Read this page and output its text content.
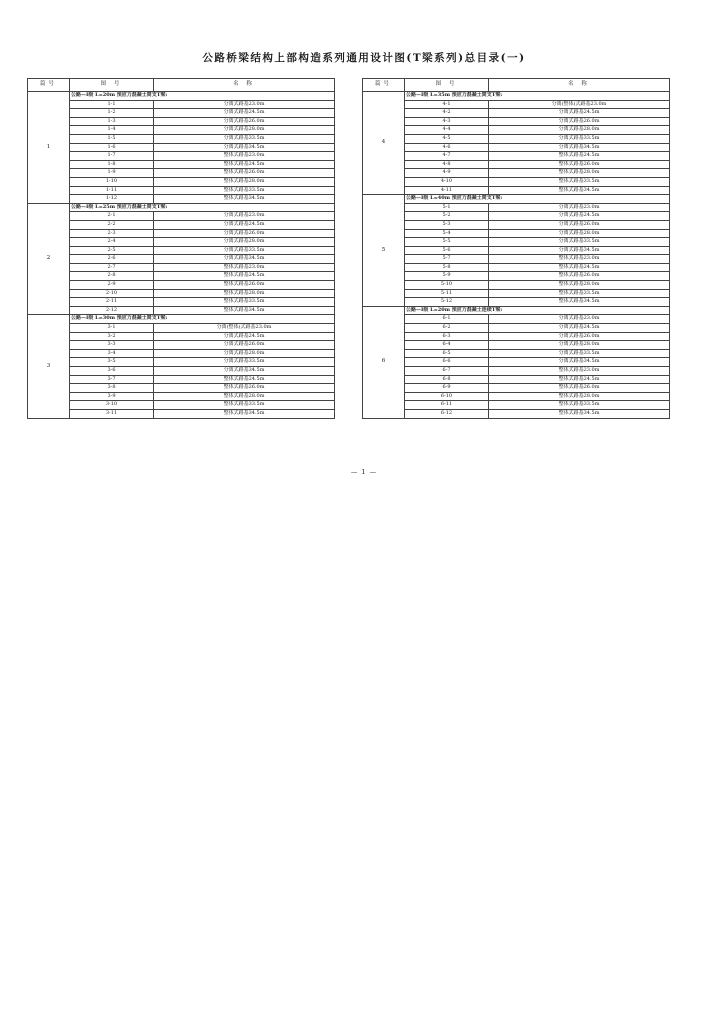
公路桥梁结构上部构造系列通用设计图(T梁系列)总目录(一)
篇号	图 号	名 称
1	公路—Ⅰ级 L=20m 预应力混凝土简支T梁:	
	1-1	分离式路基23.0m
	1-2	分离式路基24.5m
	1-3	分离式路基26.0m
	1-4	分离式路基28.0m
	1-5	分离式路基33.5m
	1-6	分离式路基34.5m
	1-7	整体式路基23.0m
	1-8	整体式路基24.5m
	1-9	整体式路基26.0m
	1-10	整体式路基28.0m
	1-11	整体式路基33.5m
	1-12	整体式路基34.5m
2	公路—Ⅰ级 L=25m 预应力混凝土简支T梁:	
	2-1	分离式路基23.0m
	2-2	分离式路基24.5m
	2-3	分离式路基26.0m
	2-4	分离式路基28.0m
	2-5	分离式路基33.5m
	2-6	分离式路基34.5m
	2-7	整体式路基23.0m
	2-8	整体式路基24.5m
	2-9	整体式路基26.0m
	2-10	整体式路基28.0m
	2-11	整体式路基33.5m
	2-12	整体式路基34.5m
3	公路—Ⅰ级 L=30m 预应力混凝土简支T梁:	
	3-1	分离(整体)式路基23.0m
	3-2	分离式路基24.5m
	3-3	分离式路基26.0m
	3-4	分离式路基28.0m
	3-5	分离式路基33.5m
	3-6	分离式路基34.5m
	3-7	整体式路基24.5m
	3-8	整体式路基26.0m
	3-9	整体式路基28.0m
	3-10	整体式路基33.5m
	3-11	整体式路基34.5m
篇号	图 号	名 称
4	公路—Ⅰ级 L=35m 预应力混凝土简支T梁:	
	4-1	分离(整体)式路基23.0m
	4-2	分离式路基24.5m
	4-3	分离式路基26.0m
	4-4	分离式路基28.0m
	4-5	分离式路基33.5m
	4-6	分离式路基34.5m
	4-7	整体式路基24.5m
	4-8	整体式路基26.0m
	4-9	整体式路基28.0m
	4-10	整体式路基33.5m
	4-11	整体式路基34.5m
5	公路—Ⅰ级 L=40m 预应力混凝土简支T梁:	
	5-1	分离式路基23.0m
	5-2	分离式路基24.5m
	5-3	分离式路基26.0m
	5-4	分离式路基28.0m
	5-5	分离式路基33.5m
	5-6	分离式路基34.5m
	5-7	整体式路基23.0m
	5-8	整体式路基24.5m
	5-9	整体式路基26.0m
	5-10	整体式路基28.0m
	5-11	整体式路基33.5m
	5-12	整体式路基34.5m
6	公路—Ⅰ级 L=20m 预应力混凝土连续T梁:	
	6-1	分离式路基23.0m
	6-2	分离式路基24.5m
	6-3	分离式路基26.0m
	6-4	分离式路基28.0m
	6-5	分离式路基33.5m
	6-6	分离式路基34.5m
	6-7	整体式路基23.0m
	6-8	整体式路基24.5m
	6-9	整体式路基26.0m
	6-10	整体式路基28.0m
	6-11	整体式路基33.5m
	6-12	整体式路基34.5m
— 1 —
